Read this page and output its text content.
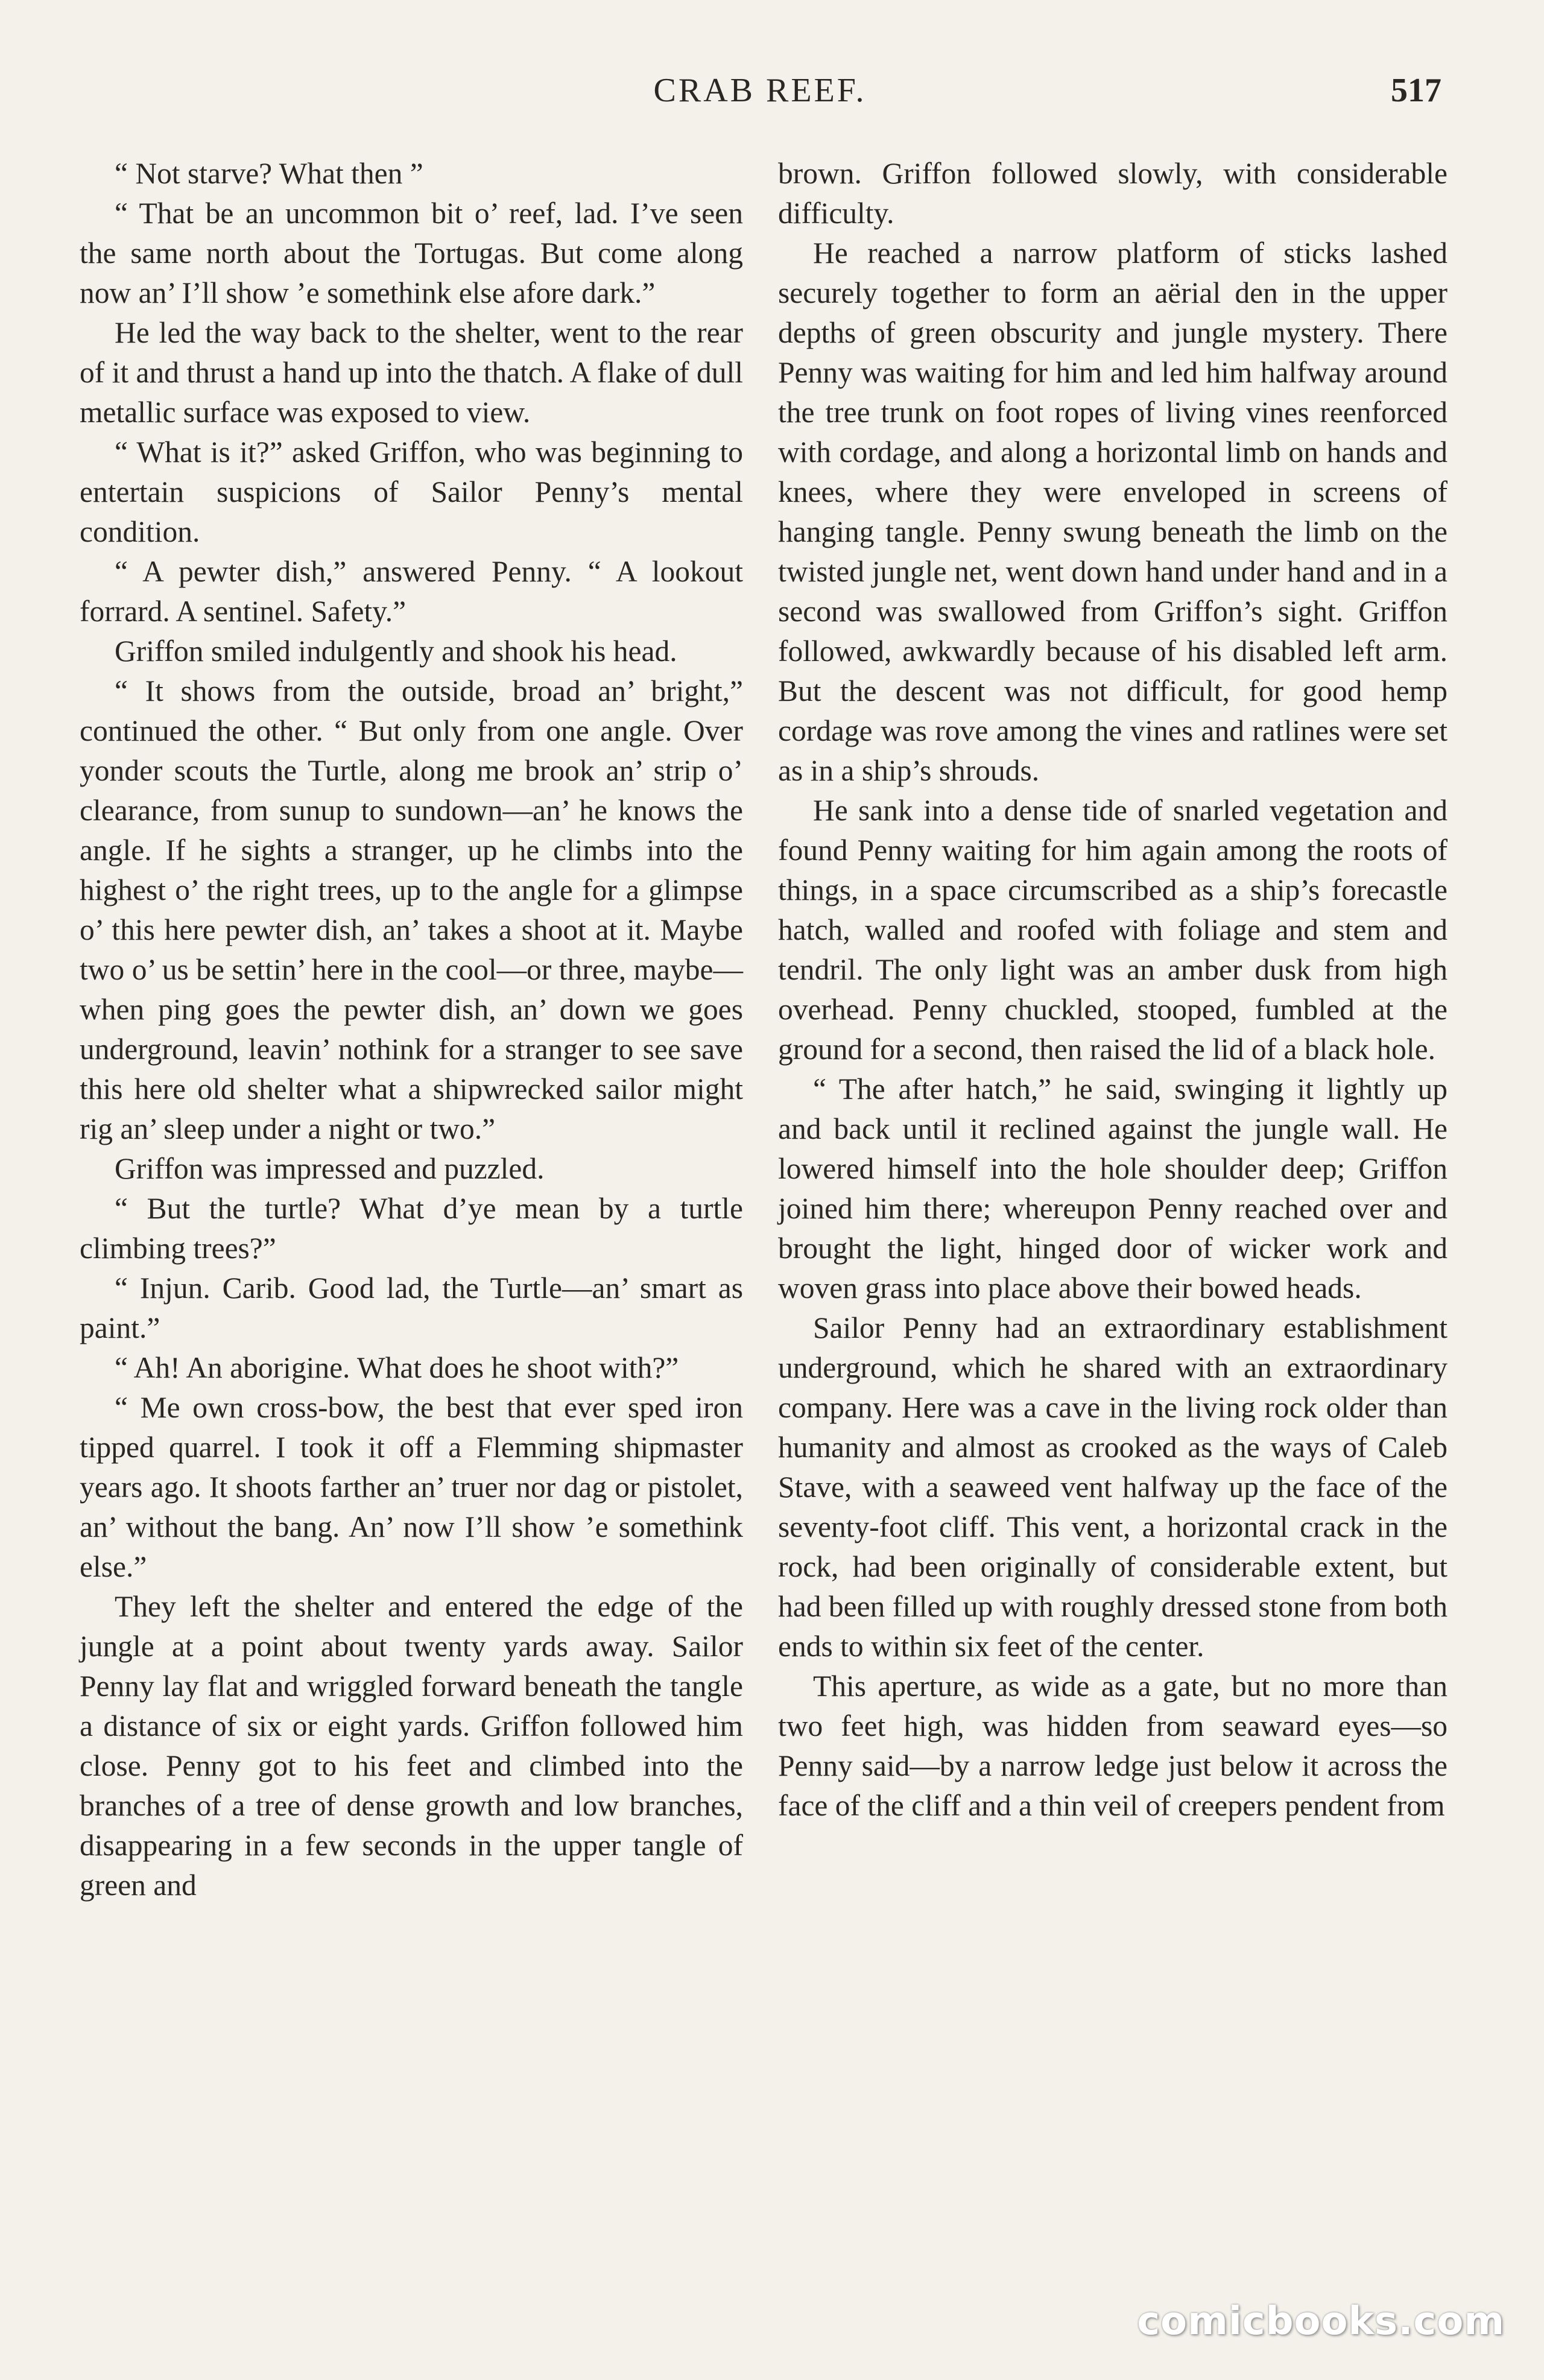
CRAB REEF.	517

“ Not starve? What then ”

“ That be an uncommon bit o’ reef, lad. I’ve seen the same north about the Tortugas. But come along now an’ I’ll show ’e somethink else afore dark.”

He led the way back to the shelter, went to the rear of it and thrust a hand up into the thatch. A flake of dull metallic surface was exposed to view.

“ What is it?” asked Griffon, who was beginning to entertain suspicions of Sailor Penny’s mental condition.

“ A pewter dish,” answered Penny. “ A lookout forrard. A sentinel. Safety.”

Griffon smiled indulgently and shook his head.

“ It shows from the outside, broad an’ bright,” continued the other. “ But only from one angle. Over yonder scouts the Turtle, along me brook an’ strip o’ clearance, from sunup to sundown—an’ he knows the angle. If he sights a stranger, up he climbs into the highest o’ the right trees, up to the angle for a glimpse o’ this here pewter dish, an’ takes a shoot at it. Maybe two o’ us be settin’ here in the cool—or three, maybe—when ping goes the pewter dish, an’ down we goes underground, leavin’ nothink for a stranger to see save this here old shelter what a shipwrecked sailor might rig an’ sleep under a night or two.”

Griffon was impressed and puzzled.

“ But the turtle? What d’ye mean by a turtle climbing trees?”

“ Injun. Carib. Good lad, the Turtle—an’ smart as paint.”

“ Ah! An aborigine. What does he shoot with?”

“ Me own cross-bow, the best that ever sped iron tipped quarrel. I took it off a Flemming shipmaster years ago. It shoots farther an’ truer nor dag or pistolet, an’ without the bang. An’ now I’ll show ’e somethink else.”

They left the shelter and entered the edge of the jungle at a point about twenty yards away. Sailor Penny lay flat and wriggled forward beneath the tangle a distance of six or eight yards. Griffon followed him close. Penny got to his feet and climbed into the branches of a tree of dense growth and low branches, disappearing in a few seconds in the upper tangle of green and

brown. Griffon followed slowly, with considerable difficulty.

He reached a narrow platform of sticks lashed securely together to form an aërial den in the upper depths of green obscurity and jungle mystery. There Penny was waiting for him and led him halfway around the tree trunk on foot ropes of living vines reenforced with cordage, and along a horizontal limb on hands and knees, where they were enveloped in screens of hanging tangle. Penny swung beneath the limb on the twisted jungle net, went down hand under hand and in a second was swallowed from Griffon’s sight. Griffon followed, awkwardly because of his disabled left arm. But the descent was not difficult, for good hemp cordage was rove among the vines and ratlines were set as in a ship’s shrouds.

He sank into a dense tide of snarled vegetation and found Penny waiting for him again among the roots of things, in a space circumscribed as a ship’s forecastle hatch, walled and roofed with foliage and stem and tendril. The only light was an amber dusk from high overhead. Penny chuckled, stooped, fumbled at the ground for a second, then raised the lid of a black hole.

“ The after hatch,” he said, swinging it lightly up and back until it reclined against the jungle wall. He lowered himself into the hole shoulder deep; Griffon joined him there; whereupon Penny reached over and brought the light, hinged door of wicker work and woven grass into place above their bowed heads.

Sailor Penny had an extraordinary establishment underground, which he shared with an extraordinary company. Here was a cave in the living rock older than humanity and almost as crooked as the ways of Caleb Stave, with a seaweed vent halfway up the face of the seventy-foot cliff. This vent, a horizontal crack in the rock, had been originally of considerable extent, but had been filled up with roughly dressed stone from both ends to within six feet of the center.

This aperture, as wide as a gate, but no more than two feet high, was hidden from seaward eyes—so Penny said—by a narrow ledge just below it across the face of the cliff and a thin veil of creepers pendent from

comicbooks.com
